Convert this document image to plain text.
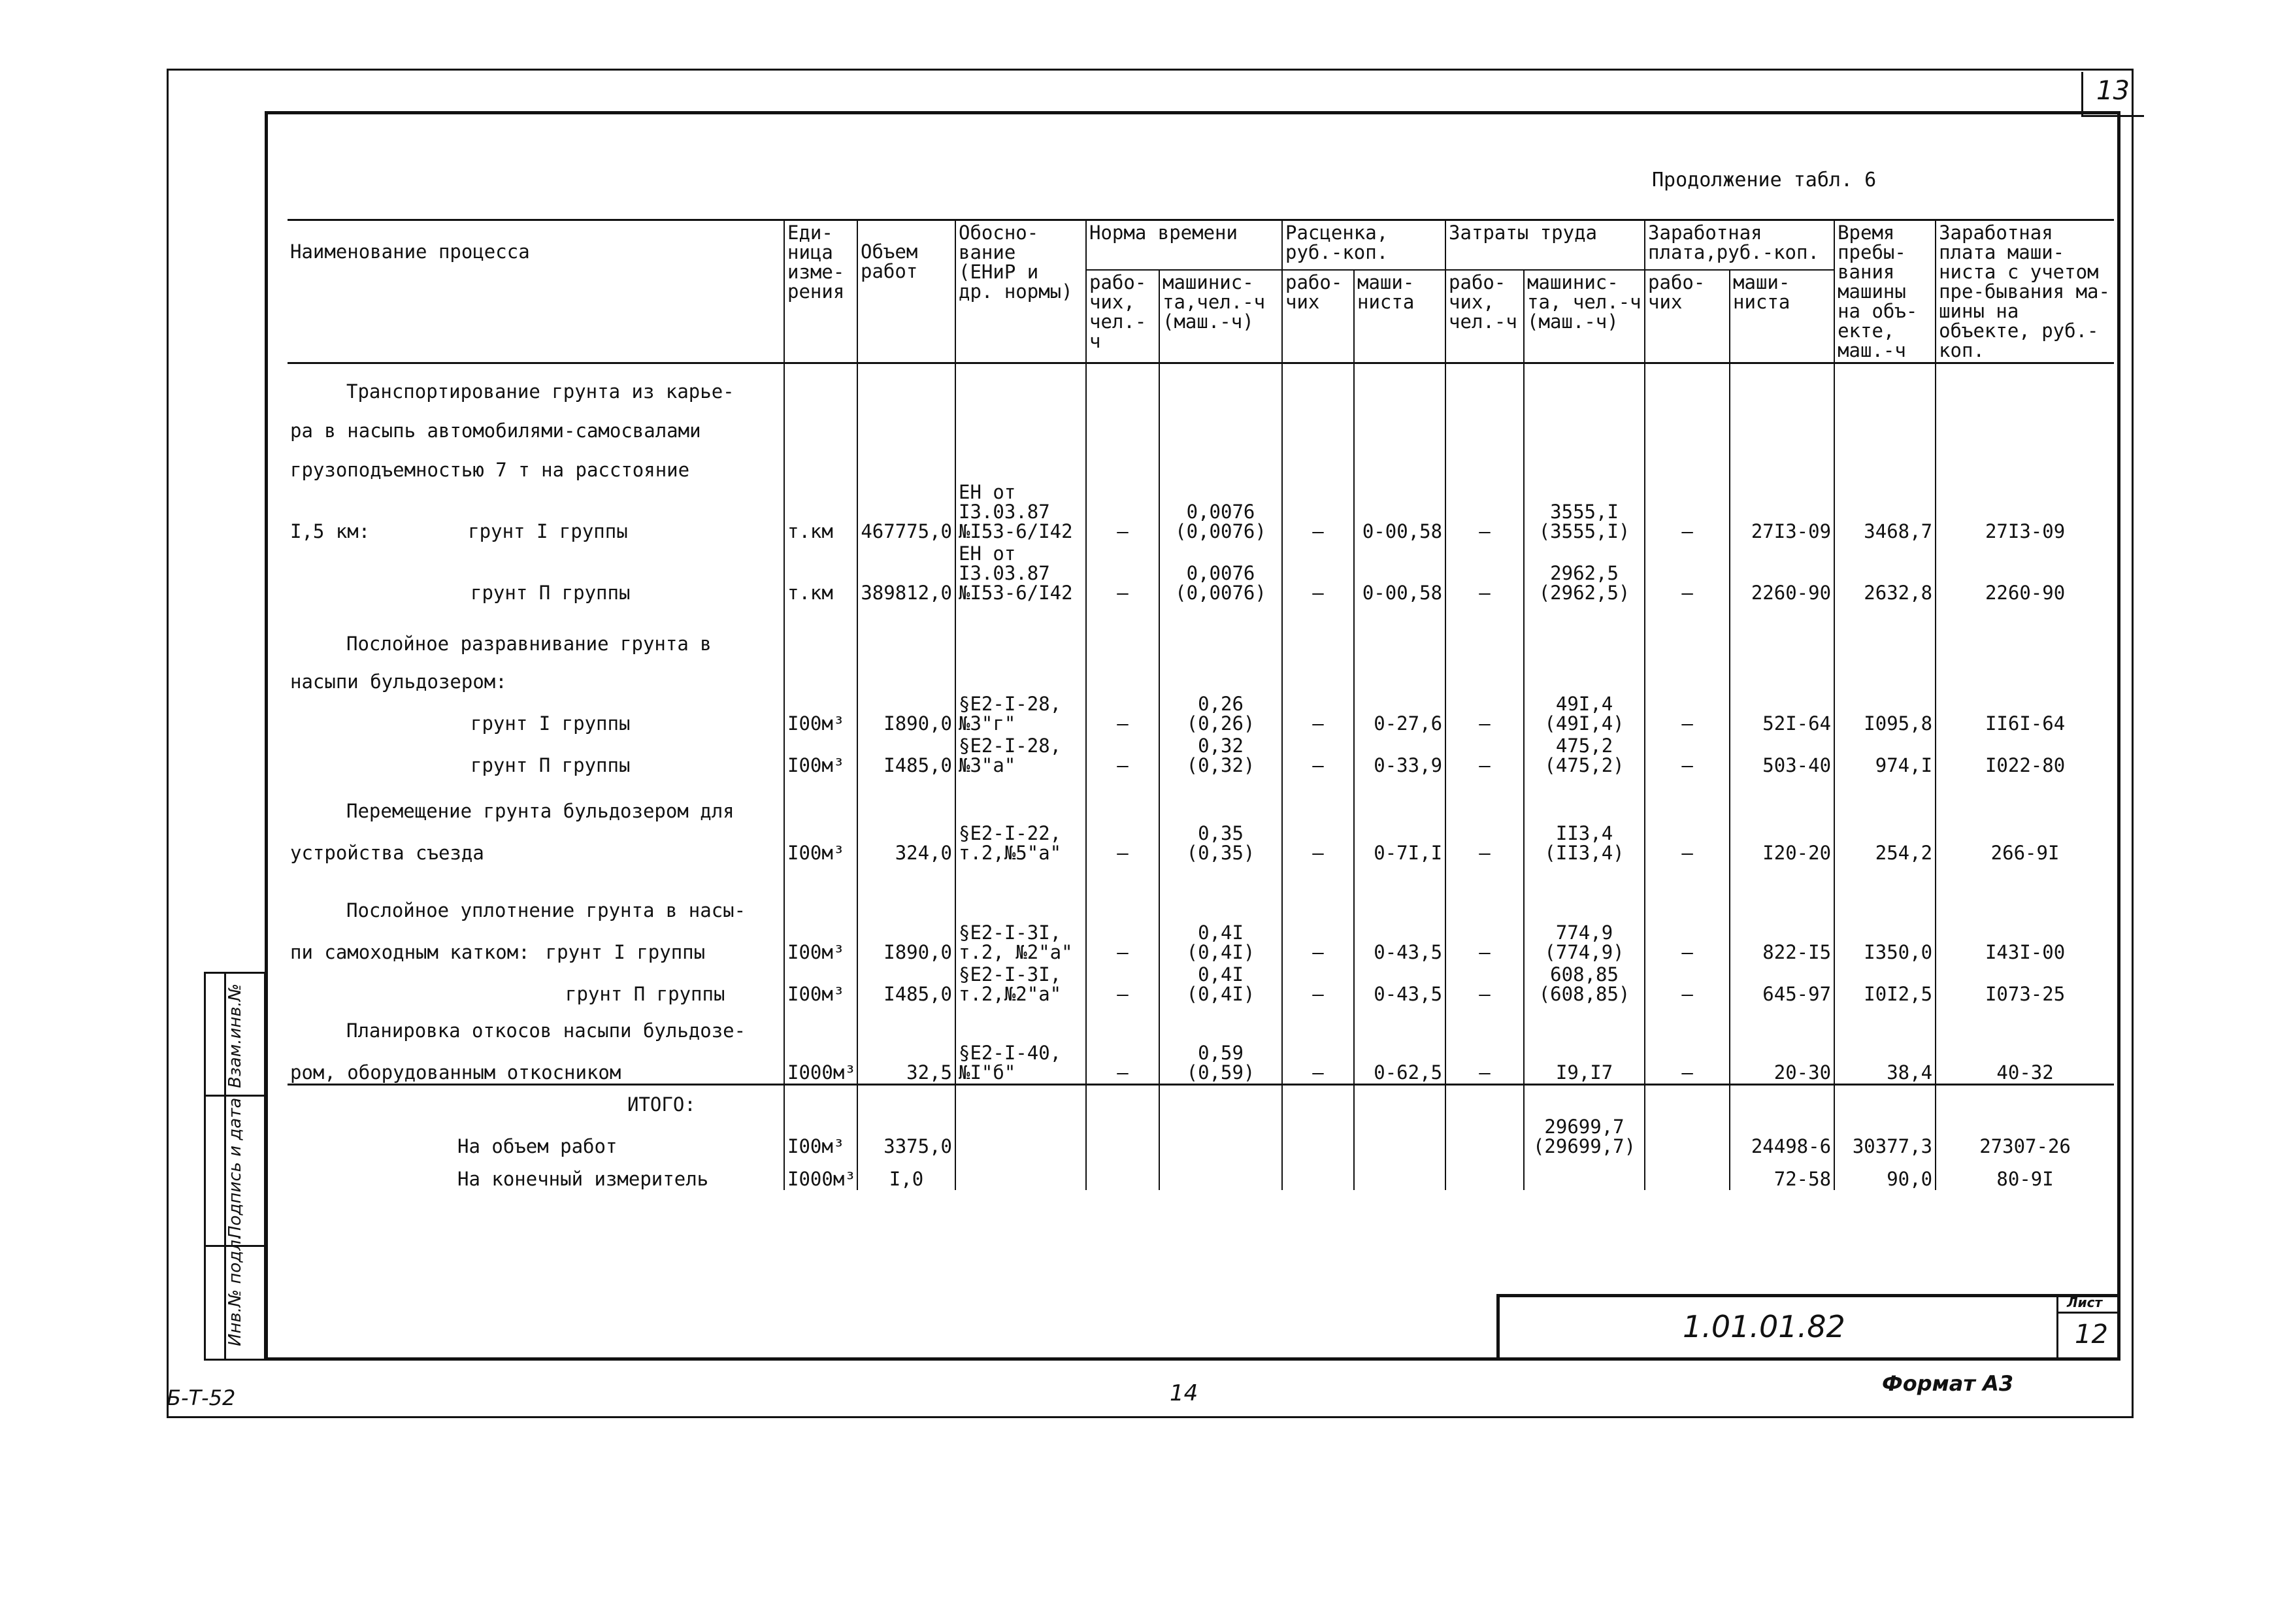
13
Продолжение табл. 6
Наименование процесса	Еди-ница изме-рения	Объем работ	Обосно-вание (ЕНиР и др. нормы)	Норма времени		Расценка, руб.-коп.		Затраты труда		Заработная плата,руб.-коп.		Время пребы-вания машины на объ-екте, маш.-ч	Заработная плата маши-ниста с учетом пре-бывания ма-шины на объекте, руб.-коп.
				рабо-чих, чел.-ч	машинис-та,чел.-ч (маш.-ч)	рабо-чих	маши-ниста	рабо-чих, чел.-ч	машинис-та, чел.-ч (маш.-ч)	рабо-чих	маши-ниста		
Транспортирование грунта из карье-													
ра в насыпь автомобилями-самосвалами													
грузоподъемностью 7 т на расстояние													
I,5 км: грунт I группы	т.км	467775,0	ЕН от I3.03.87 №I53-6/I42	–	0,0076 (0,0076)	–	0-00,58	–	3555,I (3555,I)	–	27I3-09	3468,7	27I3-09
грунт П группы	т.км	389812,0	ЕН от I3.03.87 №I53-6/I42	–	0,0076 (0,0076)	–	0-00,58	–	2962,5 (2962,5)	–	2260-90	2632,8	2260-90
Послойное разравнивание грунта в													
насыпи бульдозером:													
грунт I группы	I00м³	I890,0	§Е2-I-28, №3"г"	–	0,26 (0,26)	–	0-27,6	–	49I,4 (49I,4)	–	52I-64	I095,8	II6I-64
грунт П группы	I00м³	I485,0	§Е2-I-28, №3"а"	–	0,32 (0,32)	–	0-33,9	–	475,2 (475,2)	–	503-40	974,I	I022-80
Перемещение грунта бульдозером для													
устройства съезда	I00м³	324,0	§Е2-I-22, т.2,№5"а"	–	0,35 (0,35)	–	0-7I,I	–	II3,4 (II3,4)	–	I20-20	254,2	266-9I
Послойное уплотнение грунта в насы-													
пи самоходным катком: грунт I группы	I00м³	I890,0	§Е2-I-3I, т.2, №2"а"	–	0,4I (0,4I)	–	0-43,5	–	774,9 (774,9)	–	822-I5	I350,0	I43I-00
грунт П группы	I00м³	I485,0	§Е2-I-3I, т.2,№2"а"	–	0,4I (0,4I)	–	0-43,5	–	608,85 (608,85)	–	645-97	I0I2,5	I073-25
Планировка откосов насыпи бульдозе-													
ром, оборудованным откосником	I000м³	32,5	§Е2-I-40, №I"б"	–	0,59 (0,59)	–	0-62,5	–	I9,I7	–	20-30	38,4	40-32
ИТОГО:													
На объем работ	I00м³	3375,0							29699,7 (29699,7)		24498-6	30377,3	27307-26
На конечный измеритель	I000м³	I,0									72-58	90,0	80-9I
Инв.№ подл.
Подпись и дата
Взам.инв.№
1.01.01.82
Лист
12
Б-Т-52	14	Формат А3
